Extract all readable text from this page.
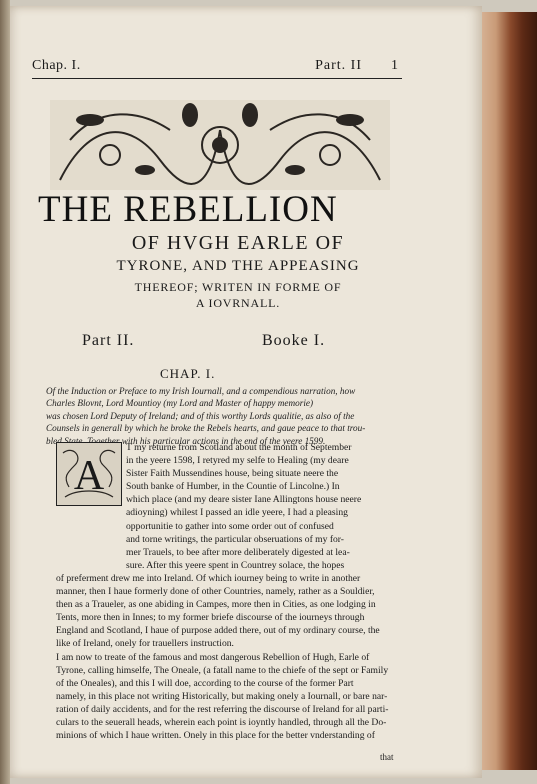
Chap. I.	Part. II 1
THE REBELLION
OF HVGH EARLE OF
TYRONE, AND THE APPEASING
THEREOF; WRITEN IN FORME OF
A IOVRNALL.
Part II.	Booke I.
CHAP. I.
Of the Induction or Preface to my Irish Iournall, and a compendious narration, how
Charles Blovnt, Lord Mountioy (my Lord and Master of happy memorie)
was chosen Lord Deputy of Ireland; and of this worthy Lords qualitie, as also of the
Counsels in generall by which he broke the Rebels hearts, and gaue peace to that trou-
bled State. Together with his particular actions in the end of the yeere 1599.
A
T my returne from Scotland about the month of September
in the yeere 1598, I retyred my selfe to Healing (my deare
Sister Faith Mussendines house, being situate neere the
South banke of Humber, in the Countie of Lincolne.) In
which place (and my deare sister Iane Allingtons house neere
adioyning) whilest I passed an idle yeere, I had a pleasing
opportunitie to gather into some order out of confused
and torne writings, the particular obseruations of my for-
mer Trauels, to bee after more deliberately digested at lea-
sure. After this yeere spent in Countrey solace, the hopes
of preferment drew me into Ireland. Of which iourney being to write in another
manner, then I haue formerly done of other Countries, namely, rather as a Souldier,
then as a Traueler, as one abiding in Campes, more then in Cities, as one lodging in
Tents, more then in Innes; to my former briefe discourse of the iourneys through
England and Scotland, I haue of purpose added there, out of my ordinary course, the
like of Ireland, onely for trauellers instruction.
I am now to treate of the famous and most dangerous Rebellion of Hugh, Earle of
Tyrone, calling himselfe, The Oneale, (a fatall name to the chiefe of the sept or Family
of the Oneales), and this I will doe, according to the course of the former Part
namely, in this place not writing Historically, but making onely a Iournall, or bare nar-
ration of daily accidents, and for the rest referring the discourse of Ireland for all parti-
culars to the seuerall heads, wherein each point is ioyntly handled, through all the Do-
minions of which I haue written. Onely in this place for the better vnderstanding of
that
